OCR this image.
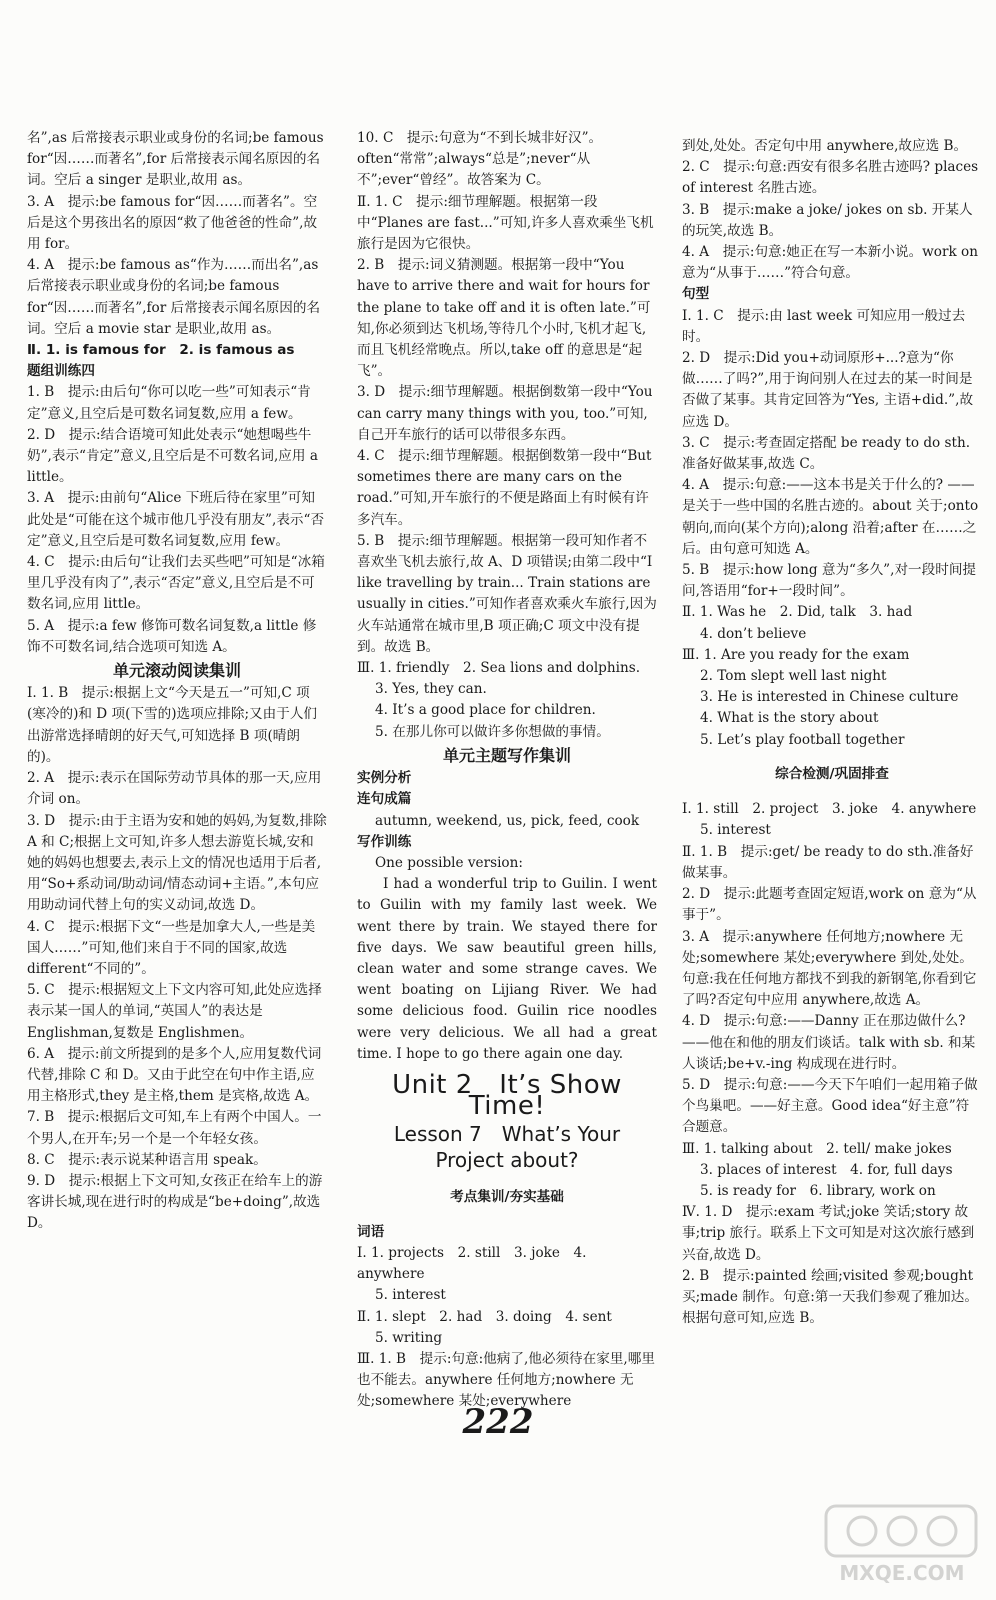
名”,as 后常接表示职业或身份的名词;be famous for“因……而著名”,for 后常接表示闻名原因的名词。空后 a singer 是职业,故用 as。

3. A　提示:be famous for“因……而著名”。空后是这个男孩出名的原因“救了他爸爸的性命”,故用 for。

4. A　提示:be famous as“作为……而出名”,as 后常接表示职业或身份的名词;be famous for“因……而著名”,for 后常接表示闻名原因的名词。空后 a movie star 是职业,故用 as。

Ⅱ. 1. is famous for　2. is famous as

题组训练四

1. B　提示:由后句“你可以吃一些”可知表示“肯定”意义,且空后是可数名词复数,应用 a few。

2. D　提示:结合语境可知此处表示“她想喝些牛奶”,表示“肯定”意义,且空后是不可数名词,应用 a little。

3. A　提示:由前句“Alice 下班后待在家里”可知此处是“可能在这个城市他几乎没有朋友”,表示“否定”意义,且空后是可数名词复数,应用 few。

4. C　提示:由后句“让我们去买些吧”可知是“冰箱里几乎没有肉了”,表示“否定”意义,且空后是不可数名词,应用 little。

5. A　提示:a few 修饰可数名词复数,a little 修饰不可数名词,结合选项可知选 A。

单元滚动阅读集训

Ⅰ. 1. B　提示:根据上文“今天是五一”可知,C 项(寒冷的)和 D 项(下雪的)选项应排除;又由于人们出游常选择晴朗的好天气,可知选择 B 项(晴朗的)。

2. A　提示:表示在国际劳动节具体的那一天,应用介词 on。

3. D　提示:由于主语为安和她的妈妈,为复数,排除 A 和 C;根据上文可知,许多人想去游览长城,安和她的妈妈也想要去,表示上文的情况也适用于后者,用“So+系动词/助动词/情态动词+主语。”,本句应用助动词代替上句的实义动词,故选 D。

4. C　提示:根据下文“一些是加拿大人,一些是美国人……”可知,他们来自于不同的国家,故选 different“不同的”。

5. C　提示:根据短文上下文内容可知,此处应选择表示某一国人的单词,“英国人”的表达是 Englishman,复数是 Englishmen。

6. A　提示:前文所提到的是多个人,应用复数代词代替,排除 C 和 D。又由于此空在句中作主语,应用主格形式,they 是主格,them 是宾格,故选 A。

7. B　提示:根据后文可知,车上有两个中国人。一个男人,在开车;另一个是一个年轻女孩。

8. C　提示:表示说某种语言用 speak。

9. D　提示:根据上下文可知,女孩正在给车上的游客讲长城,现在进行时的构成是“be+doing”,故选 D。

10. C　提示:句意为“不到长城非好汉”。often“常常”;always“总是”;never“从不”;ever“曾经”。故答案为 C。

Ⅱ. 1. C　提示:细节理解题。根据第一段中“Planes are fast...”可知,许多人喜欢乘坐飞机旅行是因为它很快。

2. B　提示:词义猜测题。根据第一段中“You have to arrive there and wait for hours for the plane to take off and it is often late.”可知,你必须到达飞机场,等待几个小时,飞机才起飞,而且飞机经常晚点。所以,take off 的意思是“起飞”。

3. D　提示:细节理解题。根据倒数第一段中“You can carry many things with you, too.”可知,自己开车旅行的话可以带很多东西。

4. C　提示:细节理解题。根据倒数第一段中“But sometimes there are many cars on the road.”可知,开车旅行的不便是路面上有时候有许多汽车。

5. B　提示:细节理解题。根据第一段可知作者不喜欢坐飞机去旅行,故 A、D 项错误;由第二段中“I like travelling by train... Train stations are usually in cities.”可知作者喜欢乘火车旅行,因为火车站通常在城市里,B 项正确;C 项文中没有提到。故选 B。

Ⅲ. 1. friendly　2. Sea lions and dolphins.

3. Yes, they can.

4. It’s a good place for children.

5. 在那儿你可以做许多你想做的事情。

单元主题写作集训

实例分析

连句成篇

autumn, weekend, us, pick, feed, cook

写作训练

One possible version:

I had a wonderful trip to Guilin. I went to Guilin with my family last week. We went there by train. We stayed there for five days. We saw beautiful green hills, clean water and some strange caves. We went boating on Lijiang River. We had some delicious food. Guilin rice noodles were very delicious. We all had a great time. I hope to go there again one day.

Unit 2　It’s Show Time!

Lesson 7　What’s Your Project about?

考点集训/夯实基础

词语

Ⅰ. 1. projects　2. still　3. joke　4. anywhere

5. interest

Ⅱ. 1. slept　2. had　3. doing　4. sent

5. writing

Ⅲ. 1. B　提示:句意:他病了,他必须待在家里,哪里也不能去。anywhere 任何地方;nowhere 无处;somewhere 某处;everywhere

到处,处处。否定句中用 anywhere,故应选 B。

2. C　提示:句意:西安有很多名胜古迹吗? places of interest 名胜古迹。

3. B　提示:make a joke/ jokes on sb. 开某人的玩笑,故选 B。

4. A　提示:句意:她正在写一本新小说。work on 意为“从事于……”符合句意。

句型

Ⅰ. 1. C　提示:由 last week 可知应用一般过去时。

2. D　提示:Did you+动词原形+...?意为“你做……了吗?”,用于询问别人在过去的某一时间是否做了某事。其肯定回答为“Yes, 主语+did.”,故应选 D。

3. C　提示:考查固定搭配 be ready to do sth.准备好做某事,故选 C。

4. A　提示:句意:——这本书是关于什么的? ——是关于一些中国的名胜古迹的。about 关于;onto 朝向,而向(某个方向);along 沿着;after 在……之后。由句意可知选 A。

5. B　提示:how long 意为“多久”,对一段时间提问,答语用“for+一段时间”。

Ⅱ. 1. Was he　2. Did, talk　3. had

4. don’t believe

Ⅲ. 1. Are you ready for the exam

2. Tom slept well last night

3. He is interested in Chinese culture

4. What is the story about

5. Let’s play football together

综合检测/巩固排查

Ⅰ. 1. still　2. project　3. joke　4. anywhere

5. interest

Ⅱ. 1. B　提示:get/ be ready to do sth.准备好做某事。

2. D　提示:此题考查固定短语,work on 意为“从事于”。

3. A　提示:anywhere 任何地方;nowhere 无处;somewhere 某处;everywhere 到处,处处。句意:我在任何地方都找不到我的新钢笔,你看到它了吗?否定句中应用 anywhere,故选 A。

4. D　提示:句意:——Danny 正在那边做什么? ——他在和他的朋友们谈话。talk with sb. 和某人谈话;be+v.-ing 构成现在进行时。

5. D　提示:句意:——今天下午咱们一起用箱子做个鸟巢吧。——好主意。Good idea“好主意”符合题意。

Ⅲ. 1. talking about　2. tell/ make jokes

3. places of interest　4. for, full days

5. is ready for　6. library, work on

Ⅳ. 1. D　提示:exam 考试;joke 笑话;story 故事;trip 旅行。联系上下文可知是对这次旅行感到兴奋,故选 D。

2. B　提示:painted 绘画;visited 参观;bought 买;made 制作。句意:第一天我们参观了雅加达。根据句意可知,应选 B。

222
MXQE.COM
